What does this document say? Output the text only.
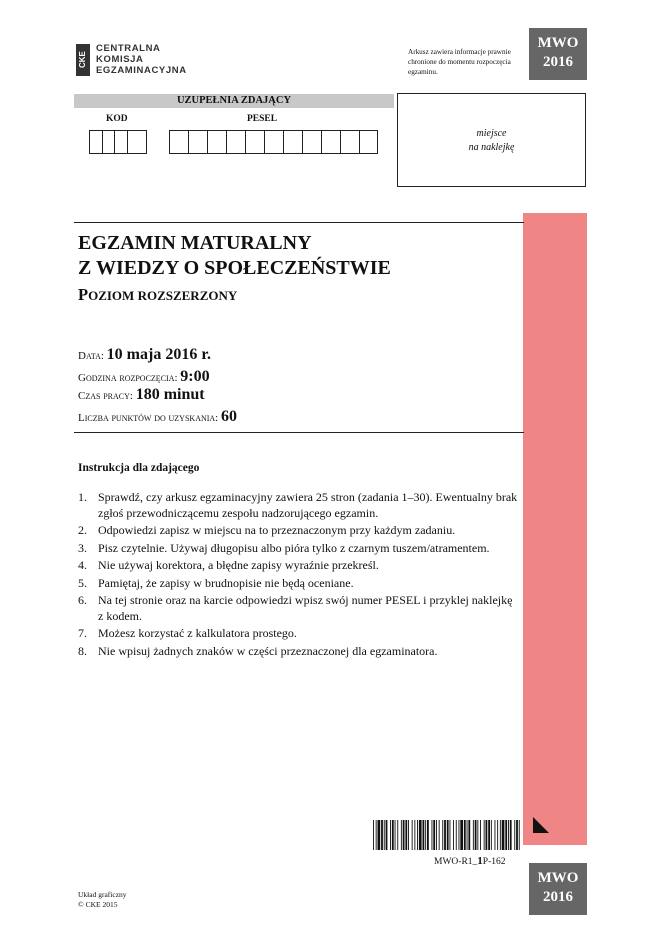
CKE
CENTRALNA
KOMISJA
EGZAMINACYJNA
Arkusz zawiera informacje prawnie chronione do momentu rozpoczęcia egzaminu.
MWO
2016
UZUPEŁNIA ZDAJĄCY
KOD	PESEL
miejsce
na naklejkę
EGZAMIN MATURALNY
Z WIEDZY O SPOŁECZEŃSTWIE
POZIOM ROZSZERZONY
Data: 10 maja 2016 r.
Godzina rozpoczęcia: 9:00
Czas pracy: 180 minut
Liczba punktów do uzyskania: 60
Instrukcja dla zdającego
1. Sprawdź, czy arkusz egzaminacyjny zawiera 25 stron (zadania 1–30). Ewentualny brak zgłoś przewodniczącemu zespołu nadzorującego egzamin.
2. Odpowiedzi zapisz w miejscu na to przeznaczonym przy każdym zadaniu.
3. Pisz czytelnie. Używaj długopisu albo pióra tylko z czarnym tuszem/atramentem.
4. Nie używaj korektora, a błędne zapisy wyraźnie przekreśl.
5. Pamiętaj, że zapisy w brudnopisie nie będą oceniane.
6. Na tej stronie oraz na karcie odpowiedzi wpisz swój numer PESEL i przyklej naklejkę z kodem.
7. Możesz korzystać z kalkulatora prostego.
8. Nie wpisuj żadnych znaków w części przeznaczonej dla egzaminatora.
MWO-R1_1P-162
MWO
2016
Układ graficzny
© CKE 2015
